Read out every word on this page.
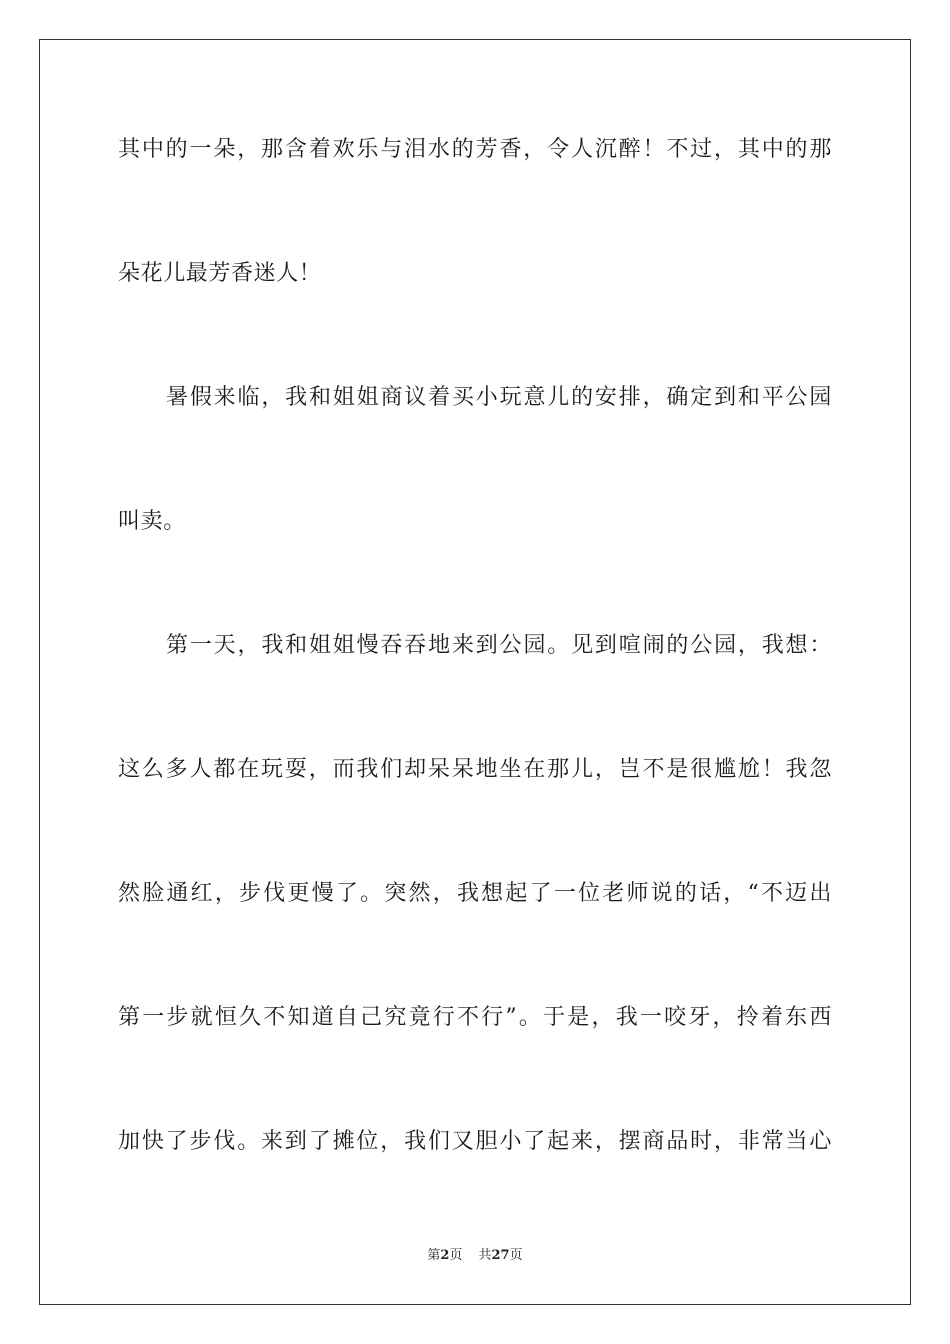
其中的一朵，那含着欢乐与泪水的芳香，令人沉醉！不过，其中的那
朵花儿最芳香迷人！
暑假来临，我和姐姐商议着买小玩意儿的安排，确定到和平公园
叫卖。
第一天，我和姐姐慢吞吞地来到公园。见到喧闹的公园，我想：
这么多人都在玩耍，而我们却呆呆地坐在那儿，岂不是很尴尬！我忽
然脸通红，步伐更慢了。突然，我想起了一位老师说的话，“不迈出
第一步就恒久不知道自己究竟行不行”。于是，我一咬牙，拎着东西
加快了步伐。来到了摊位，我们又胆小了起来，摆商品时，非常当心
第2页 共27页
